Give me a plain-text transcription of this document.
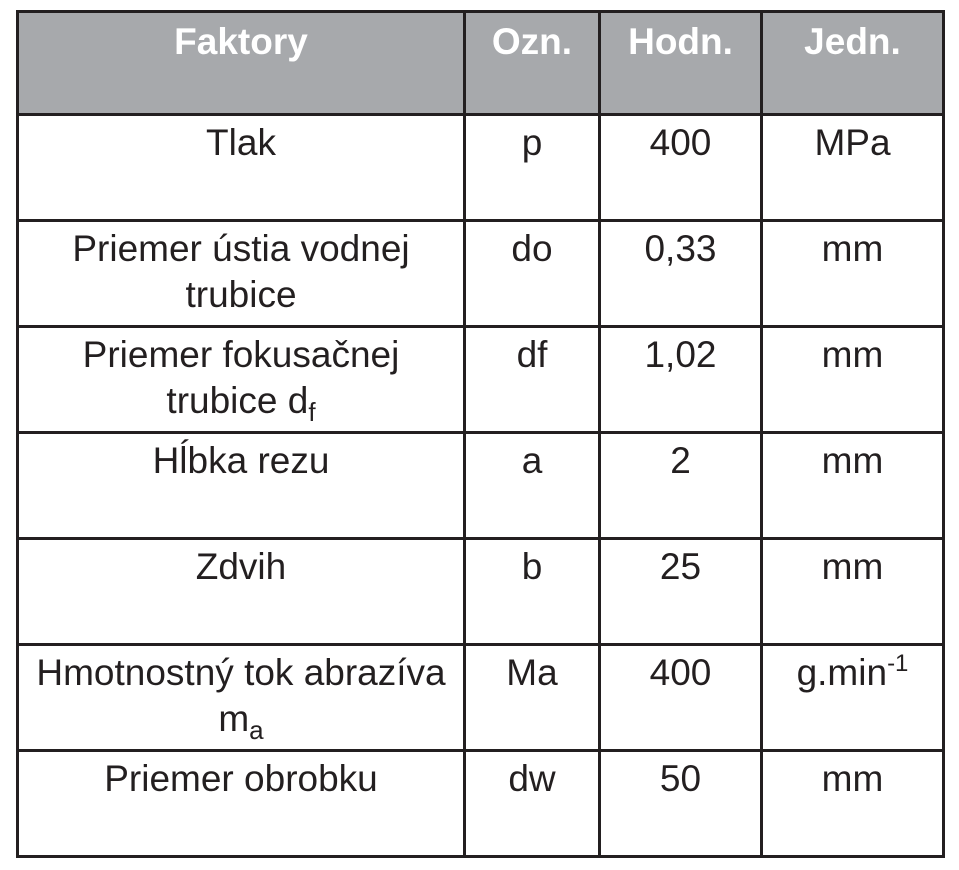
Faktory	Ozn.	Hodn.	Jedn.
Tlak	p	400	MPa
Priemer ústia vodnej trubice	do	0,33	mm
Priemer fokusačnej trubice $d_f$	df	1,02	mm
Hĺbka rezu	a	2	mm
Zdvih	b	25	mm
Hmotnostný tok abrazíva $m_a$	Ma	400	$g.\min^{-1}$
Priemer obrobku	dw	50	mm
